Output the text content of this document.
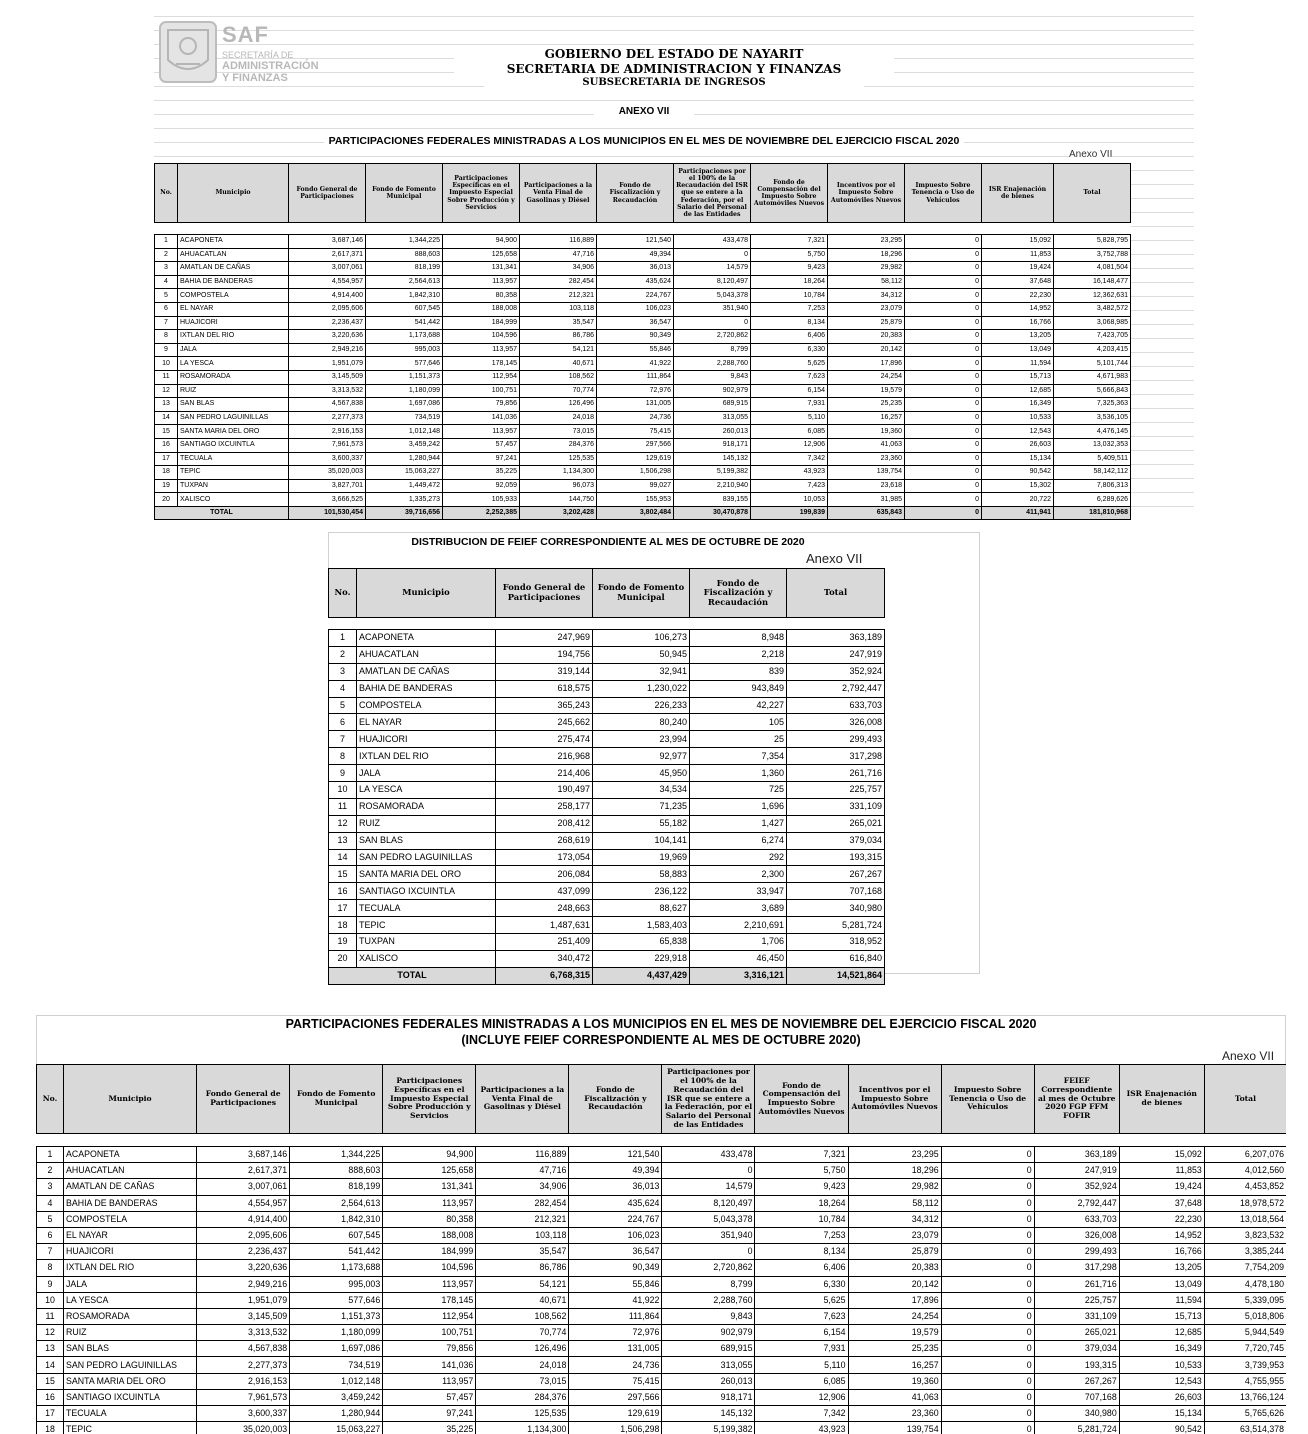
SAF
SECRETARÍA DE
ADMINISTRACIÓN
Y FINANZAS
GOBIERNO DEL ESTADO DE NAYARIT
SECRETARIA DE ADMINISTRACION Y FINANZAS
SUBSECRETARIA DE INGRESOS
ANEXO VII
PARTICIPACIONES FEDERALES MINISTRADAS A LOS MUNICIPIOS EN EL MES DE NOVIEMBRE DEL EJERCICIO FISCAL 2020
Anexo VII
No.	Municipio	Fondo General de Participaciones	Fondo de Fomento Municipal	Participaciones Específicas en el Impuesto Especial Sobre Producción y Servicios	Participaciones a la Venta Final de Gasolinas y Diésel	Fondo de Fiscalización y Recaudación	Participaciones por el 100% de la Recaudación del ISR que se entere a la Federación, por el Salario del Personal de las Entidades	Fondo de Compensación del Impuesto Sobre Automóviles Nuevos	Incentivos por el Impuesto Sobre Automóviles Nuevos	Impuesto Sobre Tenencia o Uso de Vehículos	ISR Enajenación de bienes	Total

1	ACAPONETA	3,687,146	1,344,225	94,900	116,889	121,540	433,478	7,321	23,295	0	15,092	5,828,795
2	AHUACATLAN	2,617,371	888,603	125,658	47,716	49,394	0	5,750	18,296	0	11,853	3,752,788
3	AMATLAN DE CAÑAS	3,007,061	818,199	131,341	34,906	36,013	14,579	9,423	29,982	0	19,424	4,081,504
4	BAHIA DE BANDERAS	4,554,957	2,564,613	113,957	282,454	435,624	8,120,497	18,264	58,112	0	37,648	16,148,477
5	COMPOSTELA	4,914,400	1,842,310	80,358	212,321	224,767	5,043,378	10,784	34,312	0	22,230	12,362,631
6	EL NAYAR	2,095,606	607,545	188,008	103,118	106,023	351,940	7,253	23,079	0	14,952	3,482,572
7	HUAJICORI	2,236,437	541,442	184,999	35,547	36,547	0	8,134	25,879	0	16,766	3,068,985
8	IXTLAN DEL RIO	3,220,636	1,173,688	104,596	86,786	90,349	2,720,862	6,406	20,383	0	13,205	7,423,705
9	JALA	2,949,216	995,003	113,957	54,121	55,846	8,799	6,330	20,142	0	13,049	4,203,415
10	LA YESCA	1,951,079	577,646	178,145	40,671	41,922	2,288,760	5,625	17,896	0	11,594	5,101,744
11	ROSAMORADA	3,145,509	1,151,373	112,954	108,562	111,864	9,843	7,623	24,254	0	15,713	4,671,983
12	RUIZ	3,313,532	1,180,099	100,751	70,774	72,976	902,979	6,154	19,579	0	12,685	5,666,843
13	SAN BLAS	4,567,838	1,697,086	79,856	126,496	131,005	689,915	7,931	25,235	0	16,349	7,325,363
14	SAN PEDRO LAGUINILLAS	2,277,373	734,519	141,036	24,018	24,736	313,055	5,110	16,257	0	10,533	3,536,105
15	SANTA MARIA DEL ORO	2,916,153	1,012,148	113,957	73,015	75,415	260,013	6,085	19,360	0	12,543	4,476,145
16	SANTIAGO IXCUINTLA	7,961,573	3,459,242	57,457	284,376	297,566	918,171	12,906	41,063	0	26,603	13,032,353
17	TECUALA	3,600,337	1,280,944	97,241	125,535	129,619	145,132	7,342	23,360	0	15,134	5,409,511
18	TEPIC	35,020,003	15,063,227	35,225	1,134,300	1,506,298	5,199,382	43,923	139,754	0	90,542	58,142,112
19	TUXPAN	3,827,701	1,449,472	92,059	96,073	99,027	2,210,940	7,423	23,618	0	15,302	7,806,313
20	XALISCO	3,666,525	1,335,273	105,933	144,750	155,953	839,155	10,053	31,985	0	20,722	6,289,626
TOTAL		101,530,454	39,716,656	2,252,385	3,202,428	3,802,484	30,470,878	199,839	635,843	0	411,941	181,810,968
DISTRIBUCION DE FEIEF CORRESPONDIENTE AL MES DE OCTUBRE DE 2020
Anexo VII
No.	Municipio	Fondo General de Participaciones	Fondo de Fomento Municipal	Fondo de Fiscalización y Recaudación	Total

1	ACAPONETA	247,969	106,273	8,948	363,189
2	AHUACATLAN	194,756	50,945	2,218	247,919
3	AMATLAN DE CAÑAS	319,144	32,941	839	352,924
4	BAHIA DE BANDERAS	618,575	1,230,022	943,849	2,792,447
5	COMPOSTELA	365,243	226,233	42,227	633,703
6	EL NAYAR	245,662	80,240	105	326,008
7	HUAJICORI	275,474	23,994	25	299,493
8	IXTLAN DEL RIO	216,968	92,977	7,354	317,298
9	JALA	214,406	45,950	1,360	261,716
10	LA YESCA	190,497	34,534	725	225,757
11	ROSAMORADA	258,177	71,235	1,696	331,109
12	RUIZ	208,412	55,182	1,427	265,021
13	SAN BLAS	268,619	104,141	6,274	379,034
14	SAN PEDRO LAGUINILLAS	173,054	19,969	292	193,315
15	SANTA MARIA DEL ORO	206,084	58,883	2,300	267,267
16	SANTIAGO IXCUINTLA	437,099	236,122	33,947	707,168
17	TECUALA	248,663	88,627	3,689	340,980
18	TEPIC	1,487,631	1,583,403	2,210,691	5,281,724
19	TUXPAN	251,409	65,838	1,706	318,952
20	XALISCO	340,472	229,918	46,450	616,840
TOTAL		6,768,315	4,437,429	3,316,121	14,521,864
PARTICIPACIONES FEDERALES MINISTRADAS A LOS MUNICIPIOS EN EL MES DE NOVIEMBRE DEL EJERCICIO FISCAL 2020
(INCLUYE FEIEF CORRESPONDIENTE AL MES DE OCTUBRE 2020)
Anexo VII
No.	Municipio	Fondo General de Participaciones	Fondo de Fomento Municipal	Participaciones Específicas en el Impuesto Especial Sobre Producción y Servicios	Participaciones a la Venta Final de Gasolinas y Diésel	Fondo de Fiscalización y Recaudación	Participaciones por el 100% de la Recaudación del ISR que se entere a la Federación, por el Salario del Personal de las Entidades	Fondo de Compensación del Impuesto Sobre Automóviles Nuevos	Incentivos por el Impuesto Sobre Automóviles Nuevos	Impuesto Sobre Tenencia o Uso de Vehículos	FEIEF Correspondiente al mes de Octubre 2020 FGP FFM FOFIR	ISR Enajenación de bienes	Total

1	ACAPONETA	3,687,146	1,344,225	94,900	116,889	121,540	433,478	7,321	23,295	0	363,189	15,092	6,207,076
2	AHUACATLAN	2,617,371	888,603	125,658	47,716	49,394	0	5,750	18,296	0	247,919	11,853	4,012,560
3	AMATLAN DE CAÑAS	3,007,061	818,199	131,341	34,906	36,013	14,579	9,423	29,982	0	352,924	19,424	4,453,852
4	BAHIA DE BANDERAS	4,554,957	2,564,613	113,957	282,454	435,624	8,120,497	18,264	58,112	0	2,792,447	37,648	18,978,572
5	COMPOSTELA	4,914,400	1,842,310	80,358	212,321	224,767	5,043,378	10,784	34,312	0	633,703	22,230	13,018,564
6	EL NAYAR	2,095,606	607,545	188,008	103,118	106,023	351,940	7,253	23,079	0	326,008	14,952	3,823,532
7	HUAJICORI	2,236,437	541,442	184,999	35,547	36,547	0	8,134	25,879	0	299,493	16,766	3,385,244
8	IXTLAN DEL RIO	3,220,636	1,173,688	104,596	86,786	90,349	2,720,862	6,406	20,383	0	317,298	13,205	7,754,209
9	JALA	2,949,216	995,003	113,957	54,121	55,846	8,799	6,330	20,142	0	261,716	13,049	4,478,180
10	LA YESCA	1,951,079	577,646	178,145	40,671	41,922	2,288,760	5,625	17,896	0	225,757	11,594	5,339,095
11	ROSAMORADA	3,145,509	1,151,373	112,954	108,562	111,864	9,843	7,623	24,254	0	331,109	15,713	5,018,806
12	RUIZ	3,313,532	1,180,099	100,751	70,774	72,976	902,979	6,154	19,579	0	265,021	12,685	5,944,549
13	SAN BLAS	4,567,838	1,697,086	79,856	126,496	131,005	689,915	7,931	25,235	0	379,034	16,349	7,720,745
14	SAN PEDRO LAGUINILLAS	2,277,373	734,519	141,036	24,018	24,736	313,055	5,110	16,257	0	193,315	10,533	3,739,953
15	SANTA MARIA DEL ORO	2,916,153	1,012,148	113,957	73,015	75,415	260,013	6,085	19,360	0	267,267	12,543	4,755,955
16	SANTIAGO IXCUINTLA	7,961,573	3,459,242	57,457	284,376	297,566	918,171	12,906	41,063	0	707,168	26,603	13,766,124
17	TECUALA	3,600,337	1,280,944	97,241	125,535	129,619	145,132	7,342	23,360	0	340,980	15,134	5,765,626
18	TEPIC	35,020,003	15,063,227	35,225	1,134,300	1,506,298	5,199,382	43,923	139,754	0	5,281,724	90,542	63,514,378
